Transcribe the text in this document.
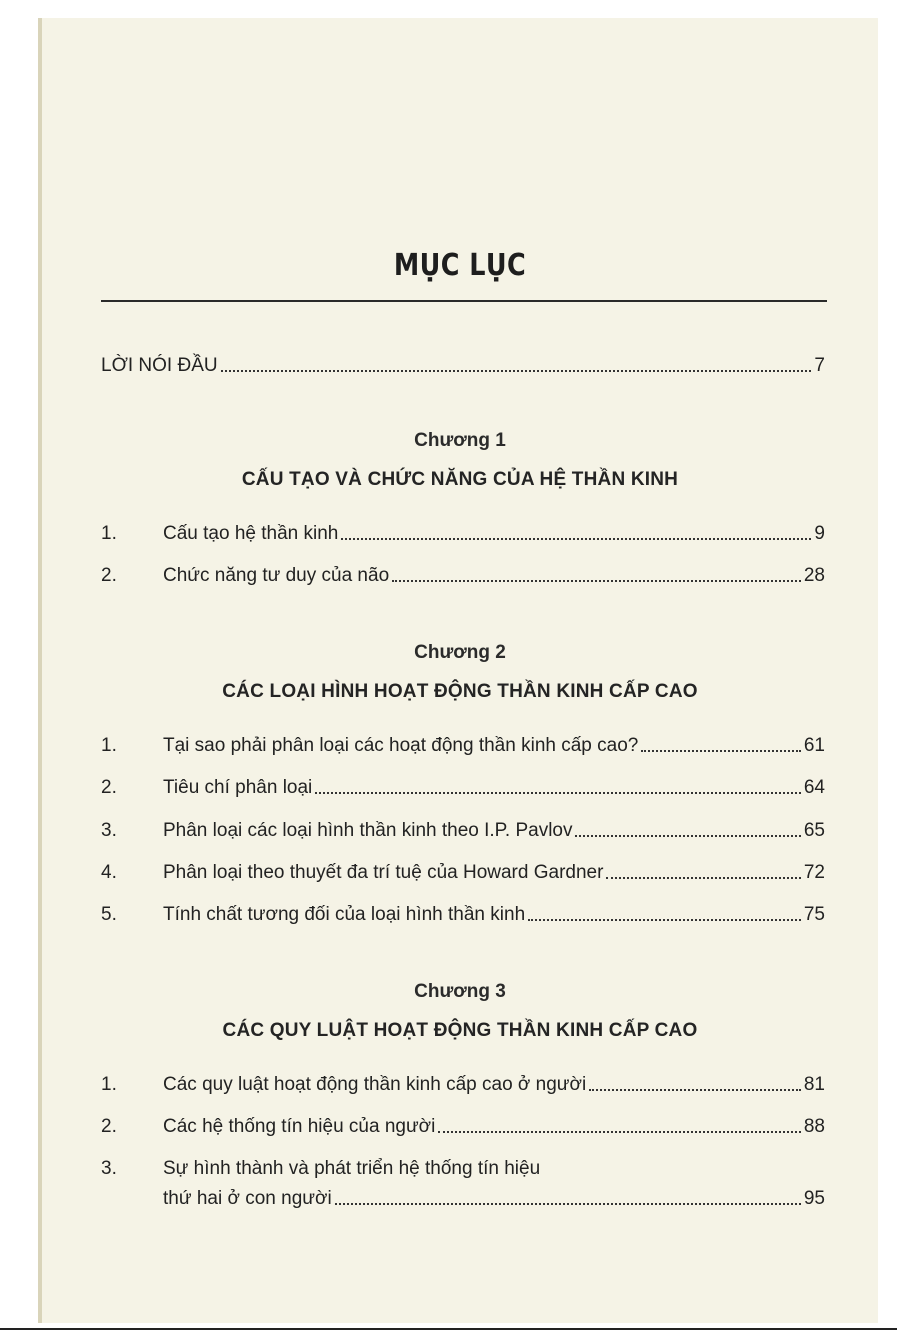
MỤC LỤC
LỜI NÓI ĐẦU	7
Chương 1
CẤU TẠO VÀ CHỨC NĂNG CỦA HỆ THẦN KINH
1.	Cấu tạo hệ thần kinh	9
2.	Chức năng tư duy của não	28
Chương 2
CÁC LOẠI HÌNH HOẠT ĐỘNG THẦN KINH CẤP CAO
1.	Tại sao phải phân loại các hoạt động thần kinh cấp cao?	61
2.	Tiêu chí phân loại	64
3.	Phân loại các loại hình thần kinh theo I.P. Pavlov	65
4.	Phân loại theo thuyết đa trí tuệ của Howard Gardner	72
5.	Tính chất tương đối của loại hình thần kinh	75
Chương 3
CÁC QUY LUẬT HOẠT ĐỘNG THẦN KINH CẤP CAO
1.	Các quy luật hoạt động thần kinh cấp cao ở người	81
2.	Các hệ thống tín hiệu của người	88
3.	Sự hình thành và phát triển hệ thống tín hiệu
thứ hai ở con người	95
